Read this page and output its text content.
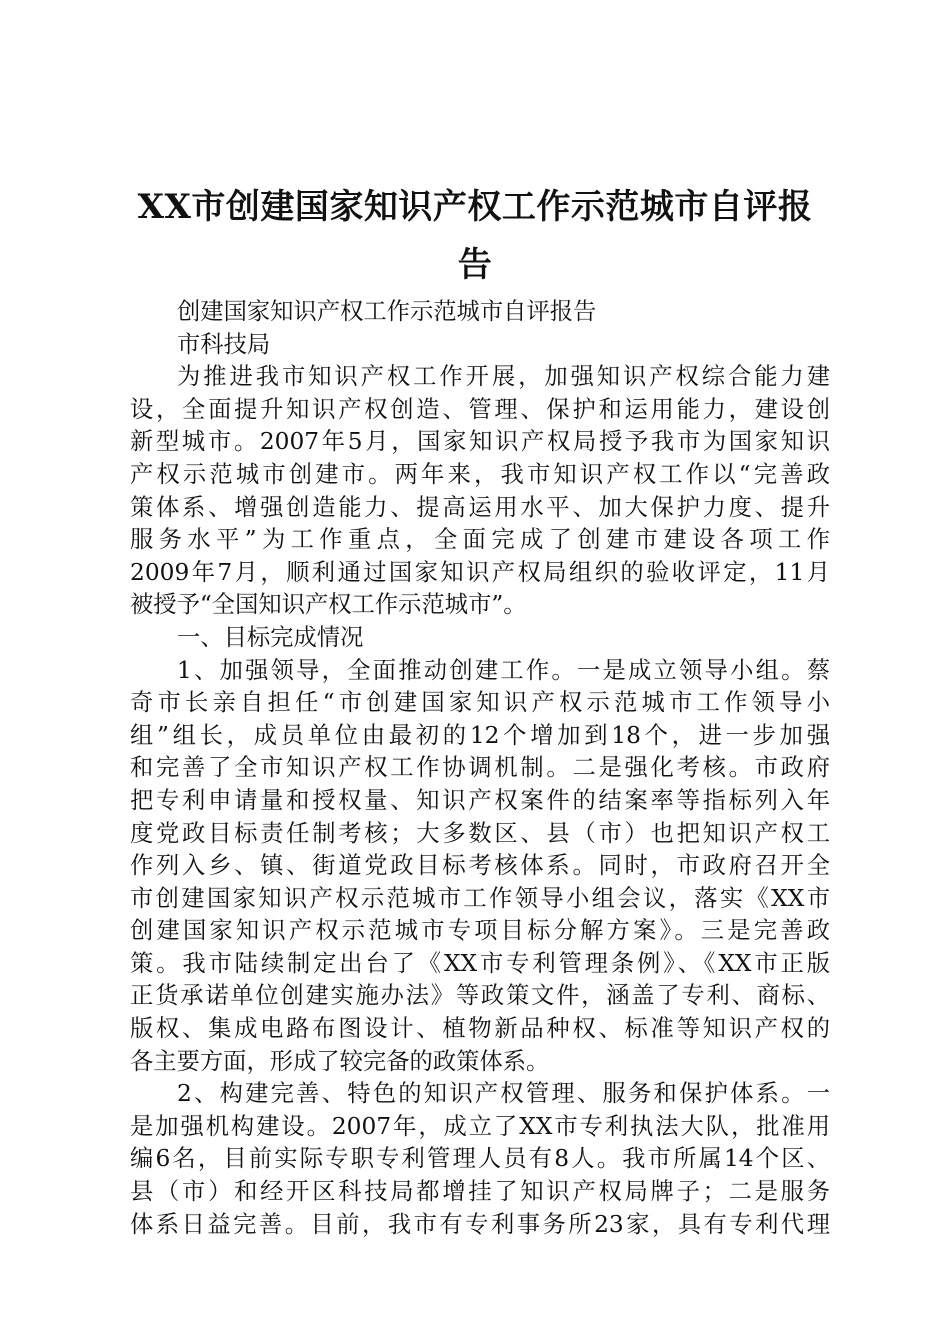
XX市创建国家知识产权工作示范城市自评报
告
创建国家知识产权工作示范城市自评报告
市科技局
为推进我市知识产权工作开展，加强知识产权综合能力建
设，全面提升知识产权创造、管理、保护和运用能力，建设创
新型城市。2007年5月，国家知识产权局授予我市为国家知识
产权示范城市创建市。两年来，我市知识产权工作以“完善政
策体系、增强创造能力、提高运用水平、加大保护力度、提升
服务水平”为工作重点，全面完成了创建市建设各项工作
2009年7月，顺利通过国家知识产权局组织的验收评定，11月
被授予“全国知识产权工作示范城市”。
一、目标完成情况
1、加强领导，全面推动创建工作。一是成立领导小组。蔡
奇市长亲自担任“市创建国家知识产权示范城市工作领导小
组”组长，成员单位由最初的12个增加到18个，进一步加强
和完善了全市知识产权工作协调机制。二是强化考核。市政府
把专利申请量和授权量、知识产权案件的结案率等指标列入年
度党政目标责任制考核；大多数区、县（市）也把知识产权工
作列入乡、镇、街道党政目标考核体系。同时，市政府召开全
市创建国家知识产权示范城市工作领导小组会议，落实《XX市
创建国家知识产权示范城市专项目标分解方案》。三是完善政
策。我市陆续制定出台了《XX市专利管理条例》、《XX市正版
正货承诺单位创建实施办法》等政策文件，涵盖了专利、商标、
版权、集成电路布图设计、植物新品种权、标准等知识产权的
各主要方面，形成了较完备的政策体系。
2、构建完善、特色的知识产权管理、服务和保护体系。一
是加强机构建设。2007年，成立了XX市专利执法大队，批准用
编6名，目前实际专职专利管理人员有8人。我市所属14个区、
县（市）和经开区科技局都增挂了知识产权局牌子；二是服务
体系日益完善。目前，我市有专利事务所23家，具有专利代理
